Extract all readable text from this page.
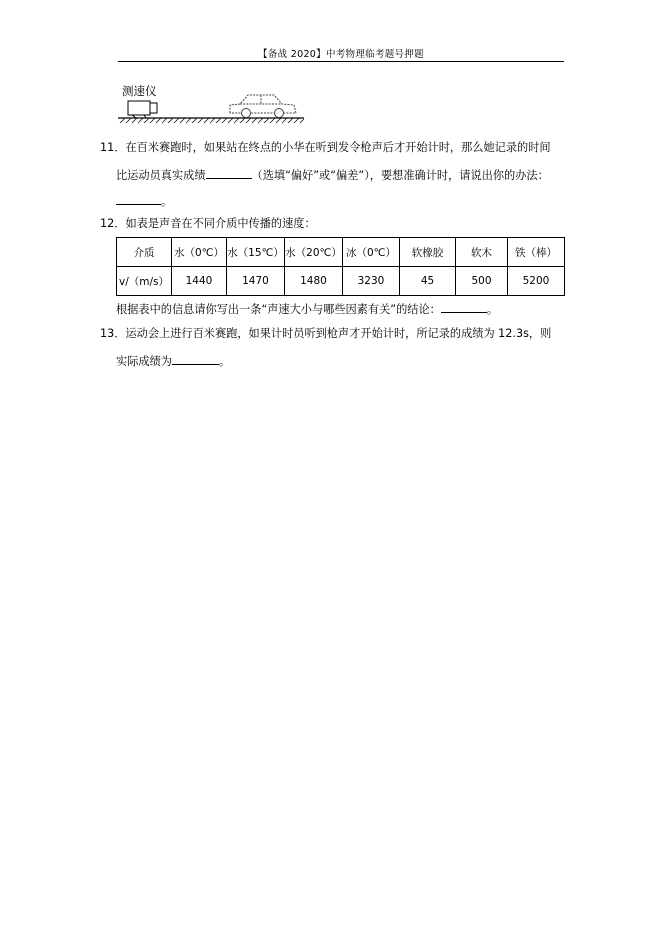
【备战 2020】中考物理临考题号押题
测速仪
11．在百米赛跑时，如果站在终点的小华在听到发令枪声后才开始计时，那么她记录的时间
比运动员真实成绩	（选填“偏好”或“偏差”），要想准确计时，请说出你的办法：
。
12．如表是声音在不同介质中传播的速度：
介质	水（0℃）	水（15℃）	水（20℃）	冰（0℃）	软橡胶	软木	铁（棒）
v/（m/s）	1440	1470	1480	3230	45	500	5200
根据表中的信息请你写出一条“声速大小与哪些因素有关”的结论：	。
13．运动会上进行百米赛跑，如果计时员听到枪声才开始计时，所记录的成绩为 12.3s，则
实际成绩为	。
